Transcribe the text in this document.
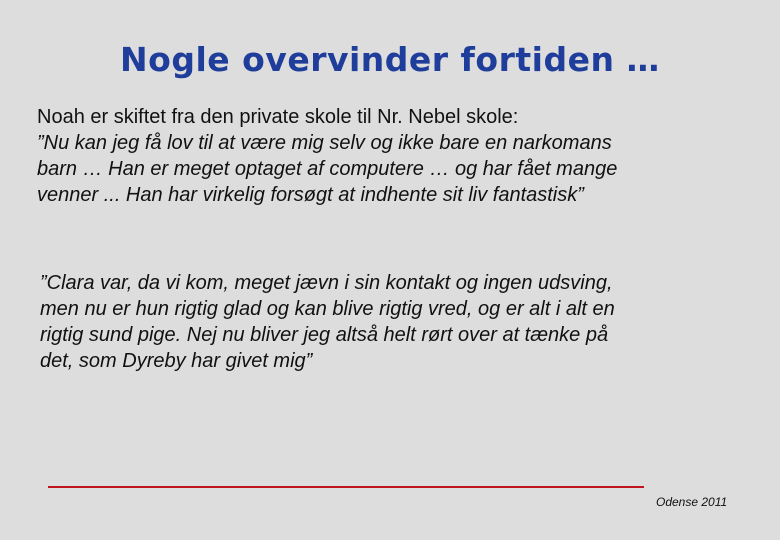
Nogle overvinder fortiden …

Noah er skiftet fra den private skole til Nr. Nebel skole:
”Nu kan jeg få lov til at være mig selv og ikke bare en narkomans
barn … Han er meget optaget af computere … og har fået mange
venner ... Han har virkelig forsøgt at indhente sit liv fantastisk”

”Clara var, da vi kom, meget jævn i sin kontakt og ingen udsving,
men nu er hun rigtig glad og kan blive rigtig vred, og er alt i alt en
rigtig sund pige. Nej nu bliver jeg altså helt rørt over at tænke på
det, som Dyreby har givet mig”

Odense 2011
